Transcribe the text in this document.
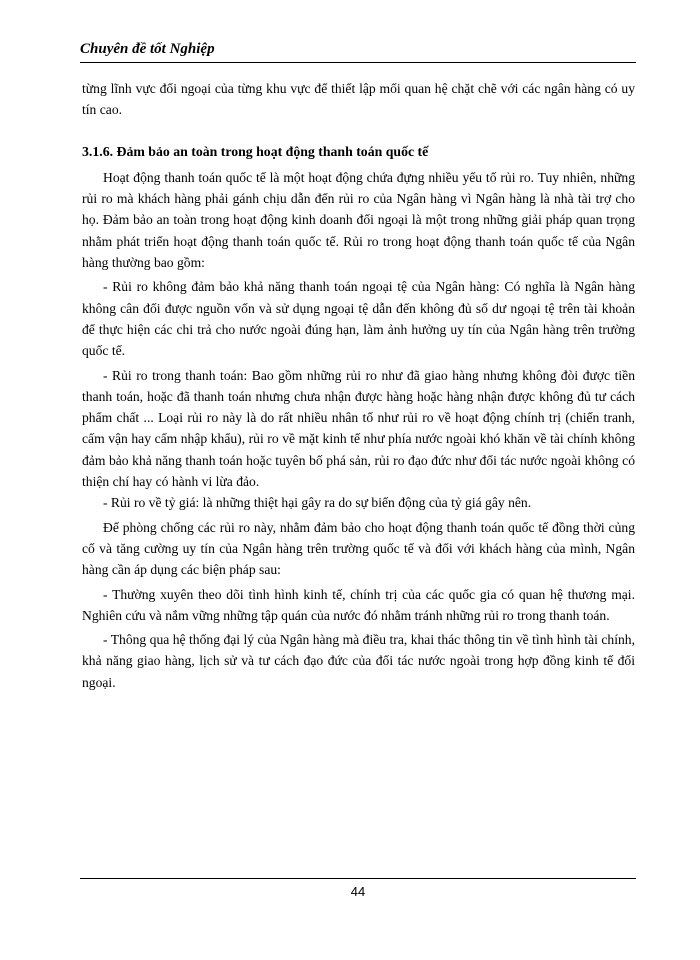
Chuyên đề tốt Nghiệp

từng lĩnh vực đối ngoại của từng khu vực để thiết lập mối quan hệ chặt chẽ với các ngân hàng có uy tín cao.

3.1.6. Đảm bảo an toàn trong hoạt động thanh toán quốc tế

Hoạt động thanh toán quốc tế là một hoạt động chứa đựng nhiều yếu tố rủi ro. Tuy nhiên, những rủi ro mà khách hàng phải gánh chịu dẫn đến rủi ro của Ngân hàng vì Ngân hàng là nhà tài trợ cho họ. Đảm bảo an toàn trong hoạt động kinh doanh đối ngoại là một trong những giải pháp quan trọng nhằm phát triển hoạt động thanh toán quốc tế. Rủi ro trong hoạt động thanh toán quốc tế của Ngân hàng thường bao gồm:

- Rủi ro không đảm bảo khả năng thanh toán ngoại tệ của Ngân hàng: Có nghĩa là Ngân hàng không cân đối được nguồn vốn và sử dụng ngoại tệ dẫn đến không đủ số dư ngoại tệ trên tài khoản để thực hiện các chi trả cho nước ngoài đúng hạn, làm ảnh hưởng uy tín của Ngân hàng trên trường quốc tế.

- Rủi ro trong thanh toán: Bao gồm những rủi ro như đã giao hàng nhưng không đòi được tiền thanh toán, hoặc đã thanh toán nhưng chưa nhận được hàng hoặc hàng nhận được không đủ tư cách phẩm chất ... Loại rủi ro này là do rất nhiều nhân tố như rủi ro về hoạt động chính trị (chiến tranh, cấm vận hay cấm nhập khẩu), rủi ro về mặt kinh tế như phía nước ngoài khó khăn về tài chính không đảm bảo khả năng thanh toán hoặc tuyên bố phá sản, rủi ro đạo đức như đối tác nước ngoài không có thiện chí hay có hành vi lừa đảo.

- Rủi ro về tỷ giá: là những thiệt hại gây ra do sự biến động của tỷ giá gây nên.

Để phòng chống các rủi ro này, nhằm đảm bảo cho hoạt động thanh toán quốc tế đồng thời củng cố và tăng cường uy tín của Ngân hàng trên trường quốc tế và đối với khách hàng của mình, Ngân hàng cần áp dụng các biện pháp sau:

- Thường xuyên theo dõi tình hình kinh tế, chính trị của các quốc gia có quan hệ thương mại. Nghiên cứu và nắm vững những tập quán của nước đó nhằm tránh những rủi ro trong thanh toán.

- Thông qua hệ thống đại lý của Ngân hàng mà điều tra, khai thác thông tin về tình hình tài chính, khả năng giao hàng, lịch sử và tư cách đạo đức của đối tác nước ngoài trong hợp đồng kinh tế đối ngoại.

44
